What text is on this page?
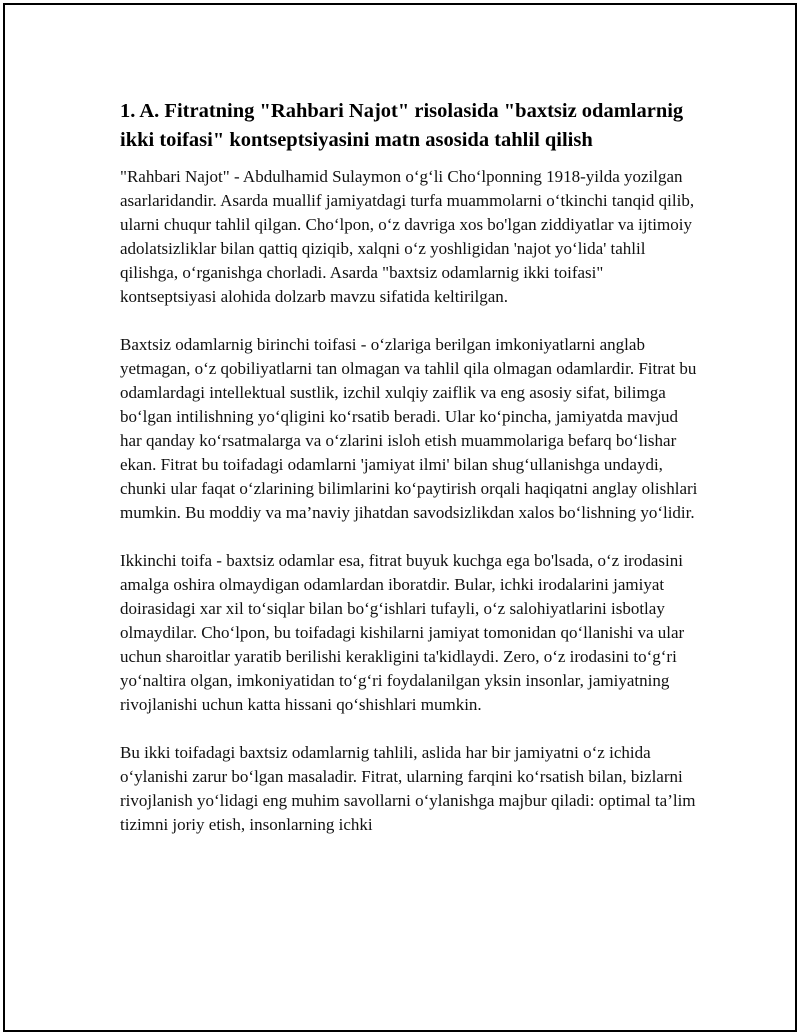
1. A. Fitratning "Rahbari Najot" risolasida "baxtsiz odamlarnig ikki toifasi" kontseptsiyasini matn asosida tahlil qilish

"Rahbari Najot" - Abdulhamid Sulaymon o‘g‘li Cho‘lponning 1918-yilda yozilgan asarlaridandir. Asarda muallif jamiyatdagi turfa muammolarni o‘tkinchi tanqid qilib, ularni chuqur tahlil qilgan. Cho‘lpon, o‘z davriga xos bo'lgan ziddiyatlar va ijtimoiy adolatsizliklar bilan qattiq qiziqib, xalqni o‘z yoshligidan 'najot yo‘lida' tahlil qilishga, o‘rganishga chorladi. Asarda "baxtsiz odamlarnig ikki toifasi" kontseptsiyasi alohida dolzarb mavzu sifatida keltirilgan.

Baxtsiz odamlarnig birinchi toifasi - o‘zlariga berilgan imkoniyatlarni anglab yetmagan, o‘z qobiliyatlarni tan olmagan va tahlil qila olmagan odamlardir. Fitrat bu odamlardagi intellektual sustlik, izchil xulqiy zaiflik va eng asosiy sifat, bilimga bo‘lgan intilishning yo‘qligini ko‘rsatib beradi. Ular ko‘pincha, jamiyatda mavjud har qanday ko‘rsatmalarga va o‘zlarini isloh etish muammolariga befarq bo‘lishar ekan. Fitrat bu toifadagi odamlarni 'jamiyat ilmi' bilan shug‘ullanishga undaydi, chunki ular faqat o‘zlarining bilimlarini ko‘paytirish orqali haqiqatni anglay olishlari mumkin. Bu moddiy va ma’naviy jihatdan savodsizlikdan xalos bo‘lishning yo‘lidir.

Ikkinchi toifa - baxtsiz odamlar esa, fitrat buyuk kuchga ega bo'lsada, o‘z irodasini amalga oshira olmaydigan odamlardan iboratdir. Bular, ichki irodalarini jamiyat doirasidagi xar xil to‘siqlar bilan bo‘g‘ishlari tufayli, o‘z salohiyatlarini isbotlay olmaydilar. Cho‘lpon, bu toifadagi kishilarni jamiyat tomonidan qo‘llanishi va ular uchun sharoitlar yaratib berilishi kerakligini ta'kidlaydi. Zero, o‘z irodasini to‘g‘ri yo‘naltira olgan, imkoniyatidan to‘g‘ri foydalanilgan yksin insonlar, jamiyatning rivojlanishi uchun katta hissani qo‘shishlari mumkin.

Bu ikki toifadagi baxtsiz odamlarnig tahlili, aslida har bir jamiyatni o‘z ichida o‘ylanishi zarur bo‘lgan masaladir. Fitrat, ularning farqini ko‘rsatish bilan, bizlarni rivojlanish yo‘lidagi eng muhim savollarni o‘ylanishga majbur qiladi: optimal ta’lim tizimni joriy etish, insonlarning ichki
